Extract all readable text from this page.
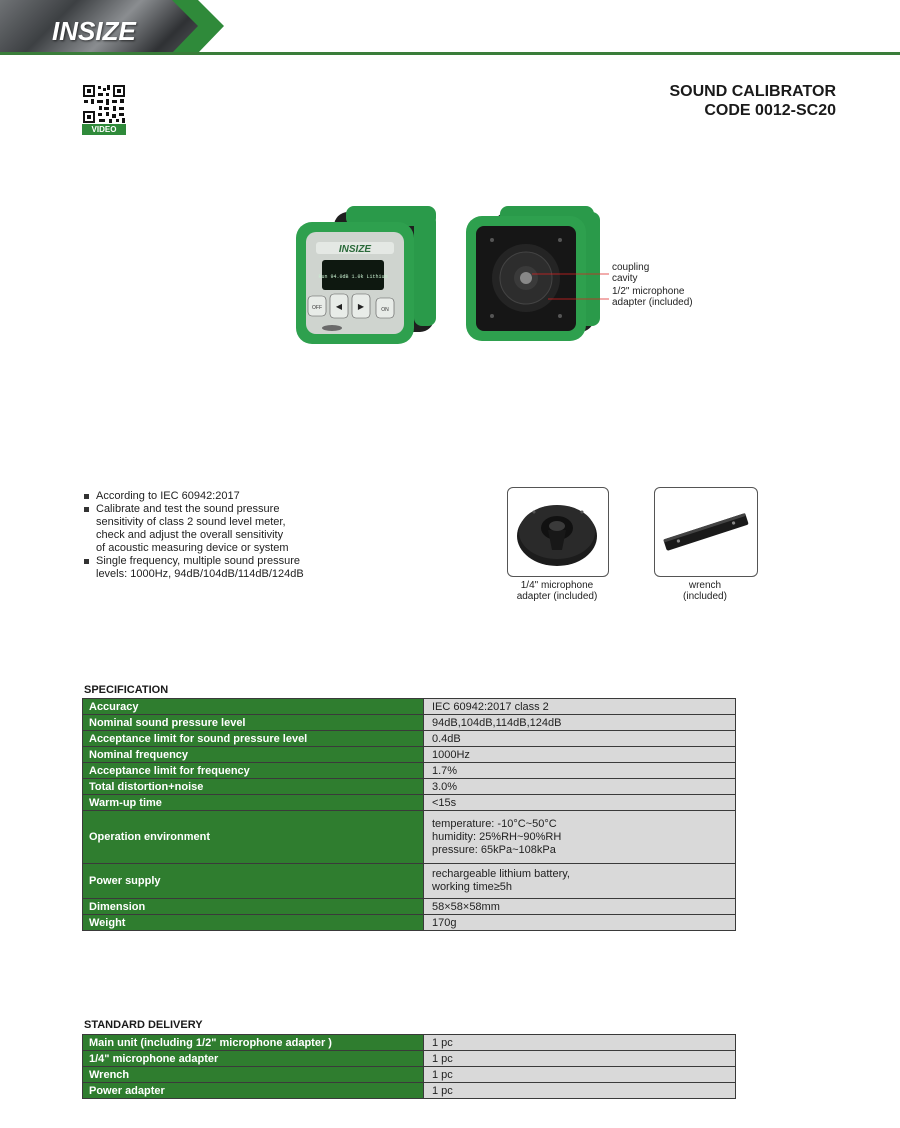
INSIZE
VIDEO
SOUND CALIBRATOR
CODE 0012-SC20
INSIZE
Run 94.0dB 1.0k Lithium
OFF ◀ ▶	ON
coupling
cavity
1/2" microphone
adapter (included)
According to IEC 60942:2017
Calibrate and test the sound pressure
sensitivity of class 2 sound level meter,
check and adjust the overall sensitivity
of acoustic measuring device or system
Single frequency, multiple sound pressure
levels: 1000Hz, 94dB/104dB/114dB/124dB
1/4" microphone
adapter (included)
wrench
(included)
SPECIFICATION
Accuracy	IEC 60942:2017 class 2
Nominal sound pressure level	94dB,104dB,114dB,124dB
Acceptance limit for sound pressure level	0.4dB
Nominal frequency	1000Hz
Acceptance limit for frequency	1.7%
Total distortion+noise	3.0%
Warm-up time	<15s
Operation environment	temperature: -10°C~50°C
humidity: 25%RH~90%RH
pressure: 65kPa~108kPa

Power supply	rechargeable lithium battery,
working time≥5h

Dimension	58×58×58mm
Weight	170g
STANDARD DELIVERY
Main unit (including 1/2" microphone adapter )	1 pc
1/4" microphone adapter	1 pc
Wrench	1 pc
Power adapter	1 pc
